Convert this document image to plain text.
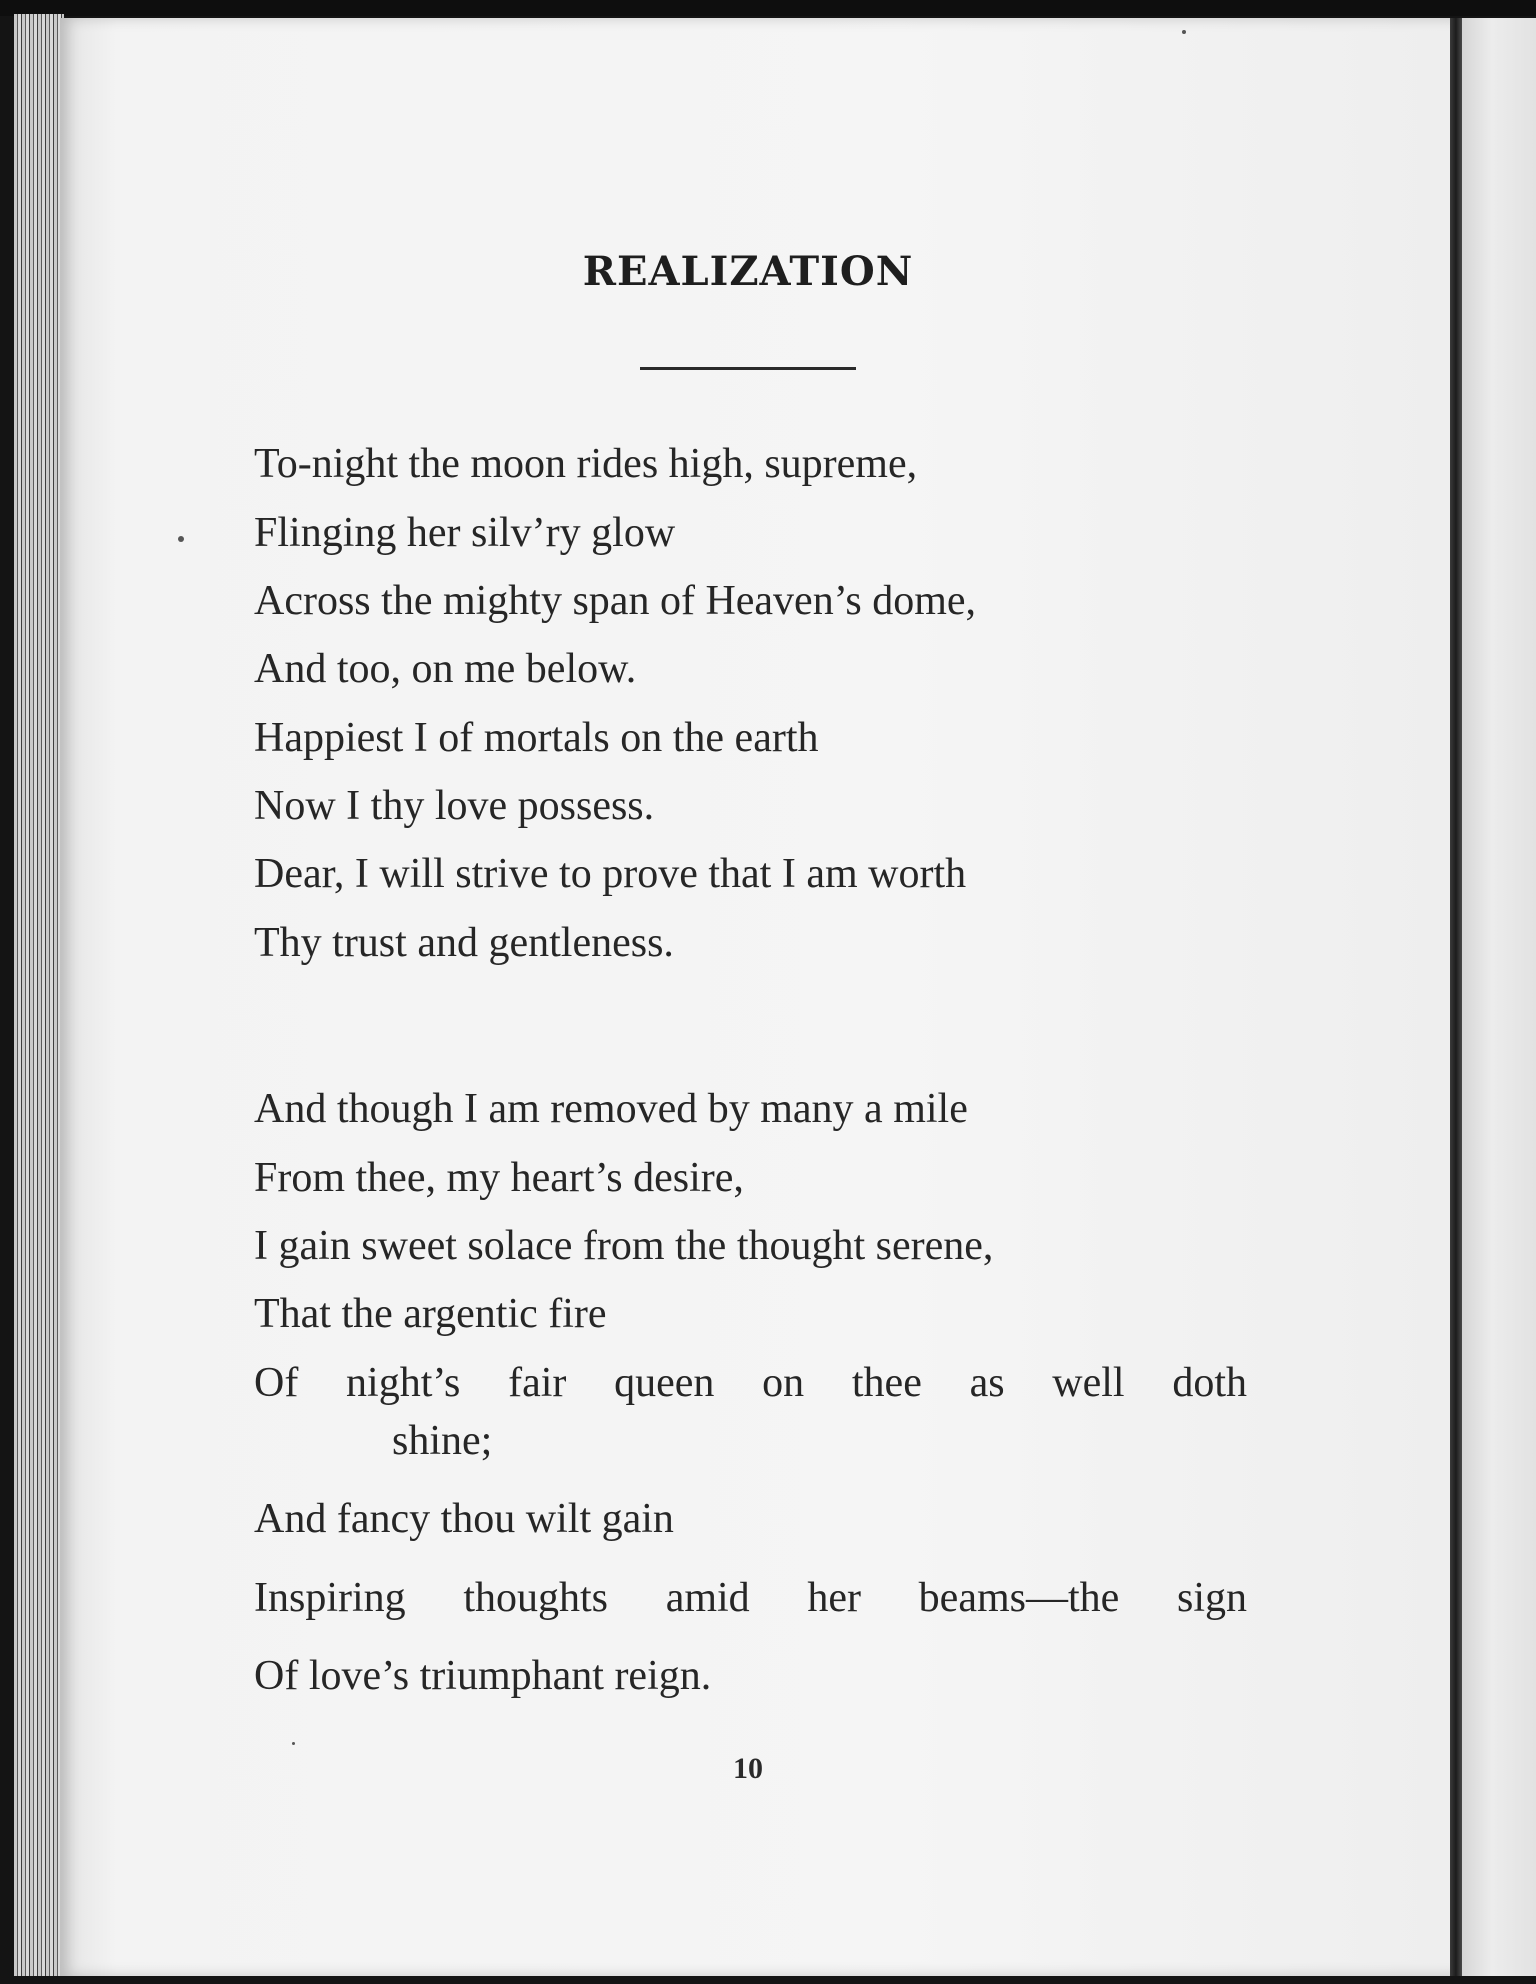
REALIZATION
To-night the moon rides high, supreme,
Flinging her silv’ry glow
Across the mighty span of Heaven’s dome,
And too, on me below.
Happiest I of mortals on the earth
Now I thy love possess.
Dear, I will strive to prove that I am worth
Thy trust and gentleness.
And though I am removed by many a mile
From thee, my heart’s desire,
I gain sweet solace from the thought serene,
That the argentic fire
Of night’s fair queen on thee as well doth
shine;
And fancy thou wilt gain
Inspiring thoughts amid her beams—the sign
Of love’s triumphant reign.
10
